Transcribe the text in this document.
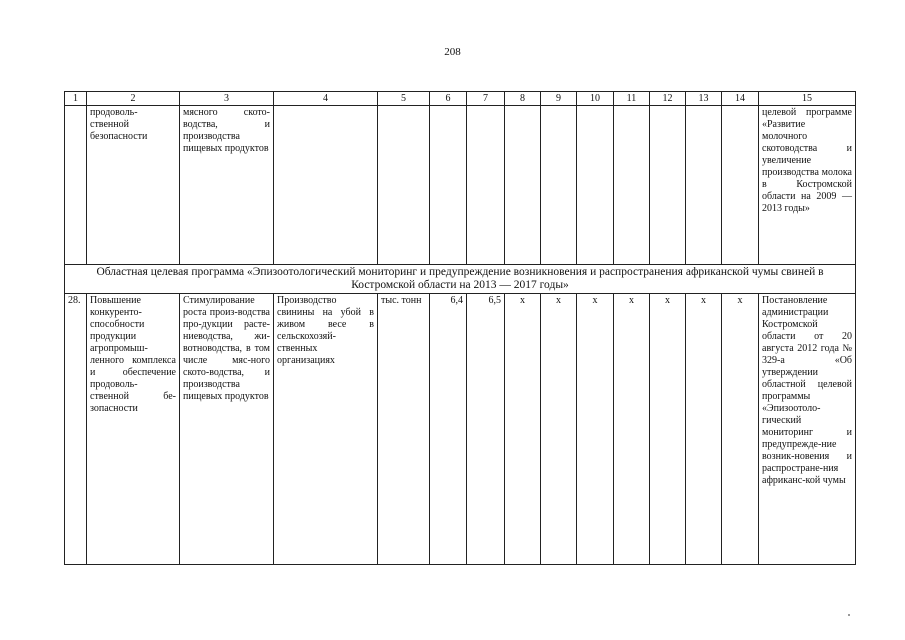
208
1	2	3	4	5	6	7	8	9	10	11	12	13	14	15
	продоволь-ственной безопасности	мясного ското-водства, и производства пищевых продуктов												целевой программе «Развитие молочного скотоводства и увеличение производства молока в Костромской области на 2009 — 2013 годы»
Областная целевая программа «Эпизоотологический мониторинг и предупреждение возникновения и распространения африканской чумы свиней в Костромской области на 2013 — 2017 годы»														
28.	Повышение конкуренто-способности продукции агропромыш-ленного комплекса и обеспечение продоволь-ственной бе-зопасности	Стимулирование роста произ-водства про-дукции расте-ниеводства, жи-вотноводства, в том числе мяс-ного ското-водства, и производства пищевых продуктов	Производство свинины на убой в живом весе в сельскохозяй-ственных организациях	тыс. тонн	6,4	6,5	х	х	х	х	х	х	х	Постановление администрации Костромской области от 20 августа 2012 года № 329-а «Об утверждении областной целевой программы «Эпизоотоло-гический мониторинг и предупрежде-ние возник-новения и распростране-ния африканс-кой чумы
